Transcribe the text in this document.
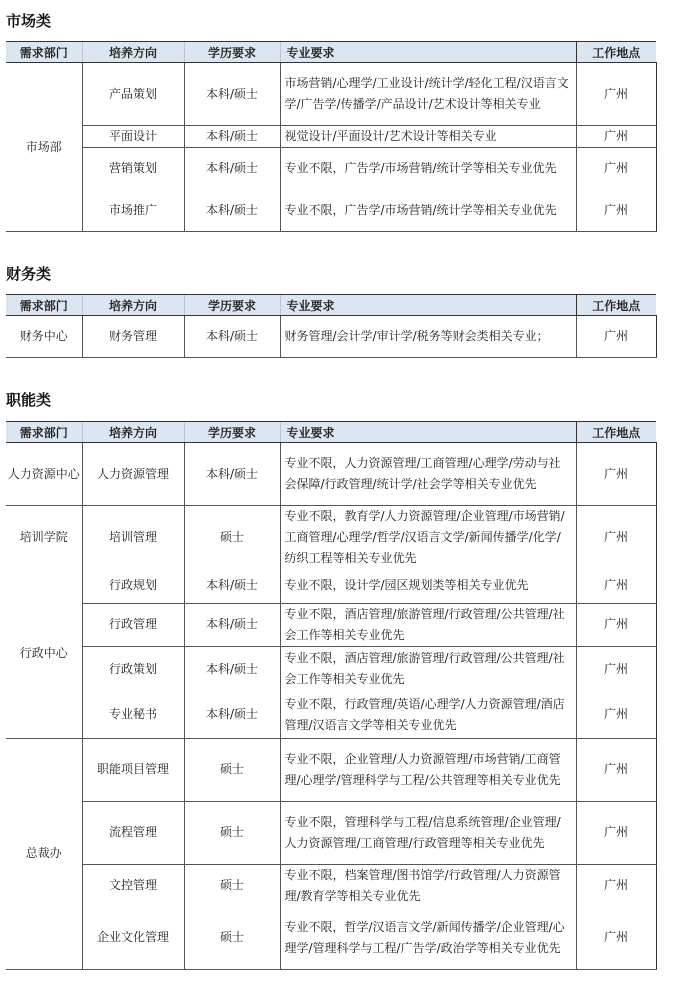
市场类
需求部门	培养方向	学历要求	专业要求	工作地点
市场部	产品策划	本科/硕士	市场营销/心理学/工业设计/统计学/轻化工程/汉语言文学/广告学/传播学/产品设计/艺术设计等相关专业	广州
	平面设计	本科/硕士	视觉设计/平面设计/艺术设计等相关专业	广州
	营销策划	本科/硕士	专业不限，广告学/市场营销/统计学等相关专业优先	广州
	市场推广	本科/硕士	专业不限，广告学/市场营销/统计学等相关专业优先	广州
财务类
需求部门	培养方向	学历要求	专业要求	工作地点
财务中心	财务管理	本科/硕士	财务管理/会计学/审计学/税务等财会类相关专业；	广州
职能类
需求部门	培养方向	学历要求	专业要求	工作地点
人力资源中心	人力资源管理	本科/硕士	专业不限，人力资源管理/工商管理/心理学/劳动与社会保障/行政管理/统计学/社会学等相关专业优先	广州
培训学院	培训管理	硕士	专业不限，教育学/人力资源管理/企业管理/市场营销/工商管理/心理学/哲学/汉语言文学/新闻传播学/化学/纺织工程等相关专业优先	广州
行政中心	行政规划	本科/硕士	专业不限，设计学/园区规划类等相关专业优先	广州
	行政管理	本科/硕士	专业不限，酒店管理/旅游管理/行政管理/公共管理/社会工作等相关专业优先	广州
	行政策划	本科/硕士	专业不限，酒店管理/旅游管理/行政管理/公共管理/社会工作等相关专业优先	广州
	专业秘书	本科/硕士	专业不限，行政管理/英语/心理学/人力资源管理/酒店管理/汉语言文学等相关专业优先	广州
总裁办	职能项目管理	硕士	专业不限，企业管理/人力资源管理/市场营销/工商管理/心理学/管理科学与工程/公共管理等相关专业优先	广州
	流程管理	硕士	专业不限，管理科学与工程/信息系统管理/企业管理/人力资源管理/工商管理/行政管理等相关专业优先	广州
	文控管理	硕士	专业不限，档案管理/图书馆学/行政管理/人力资源管理/教育学等相关专业优先	广州
	企业文化管理	硕士	专业不限，哲学/汉语言文学/新闻传播学/企业管理/心理学/管理科学与工程/广告学/政治学等相关专业优先	广州
